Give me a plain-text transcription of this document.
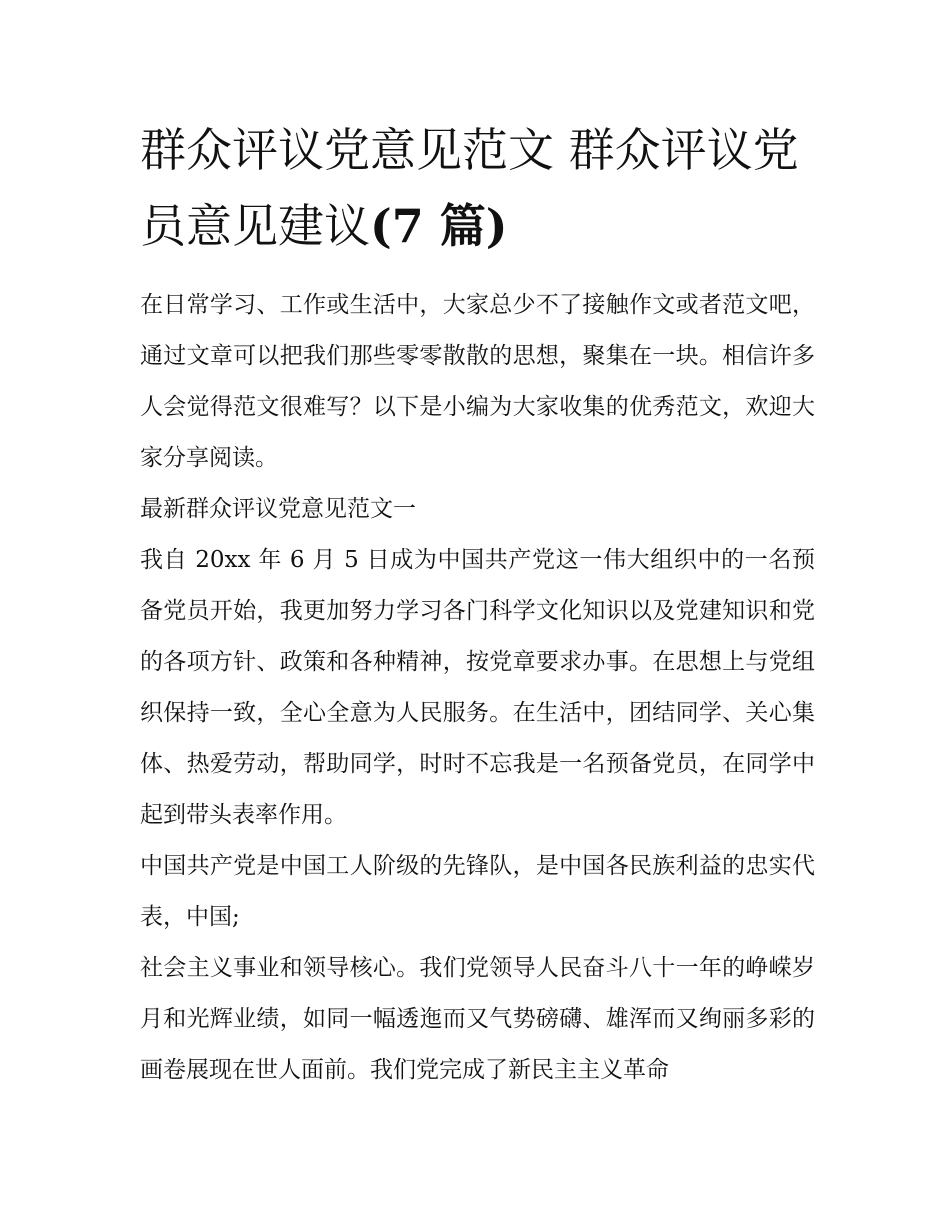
群众评议党意见范文 群众评议党员意见建议(7 篇)

在日常学习、工作或生活中，大家总少不了接触作文或者范文吧，通过文章可以把我们那些零零散散的思想，聚集在一块。相信许多人会觉得范文很难写？以下是小编为大家收集的优秀范文，欢迎大家分享阅读。

最新群众评议党意见范文一

我自 20xx 年 6 月 5 日成为中国共产党这一伟大组织中的一名预备党员开始，我更加努力学习各门科学文化知识以及党建知识和党的各项方针、政策和各种精神，按党章要求办事。在思想上与党组织保持一致，全心全意为人民服务。在生活中，团结同学、关心集体、热爱劳动，帮助同学，时时不忘我是一名预备党员，在同学中起到带头表率作用。

中国共产党是中国工人阶级的先锋队，是中国各民族利益的忠实代表，中国;

社会主义事业和领导核心。我们党领导人民奋斗八十一年的峥嵘岁月和光辉业绩，如同一幅透迤而又气势磅礴、雄浑而又绚丽多彩的画卷展现在世人面前。我们党完成了新民主主义革命
